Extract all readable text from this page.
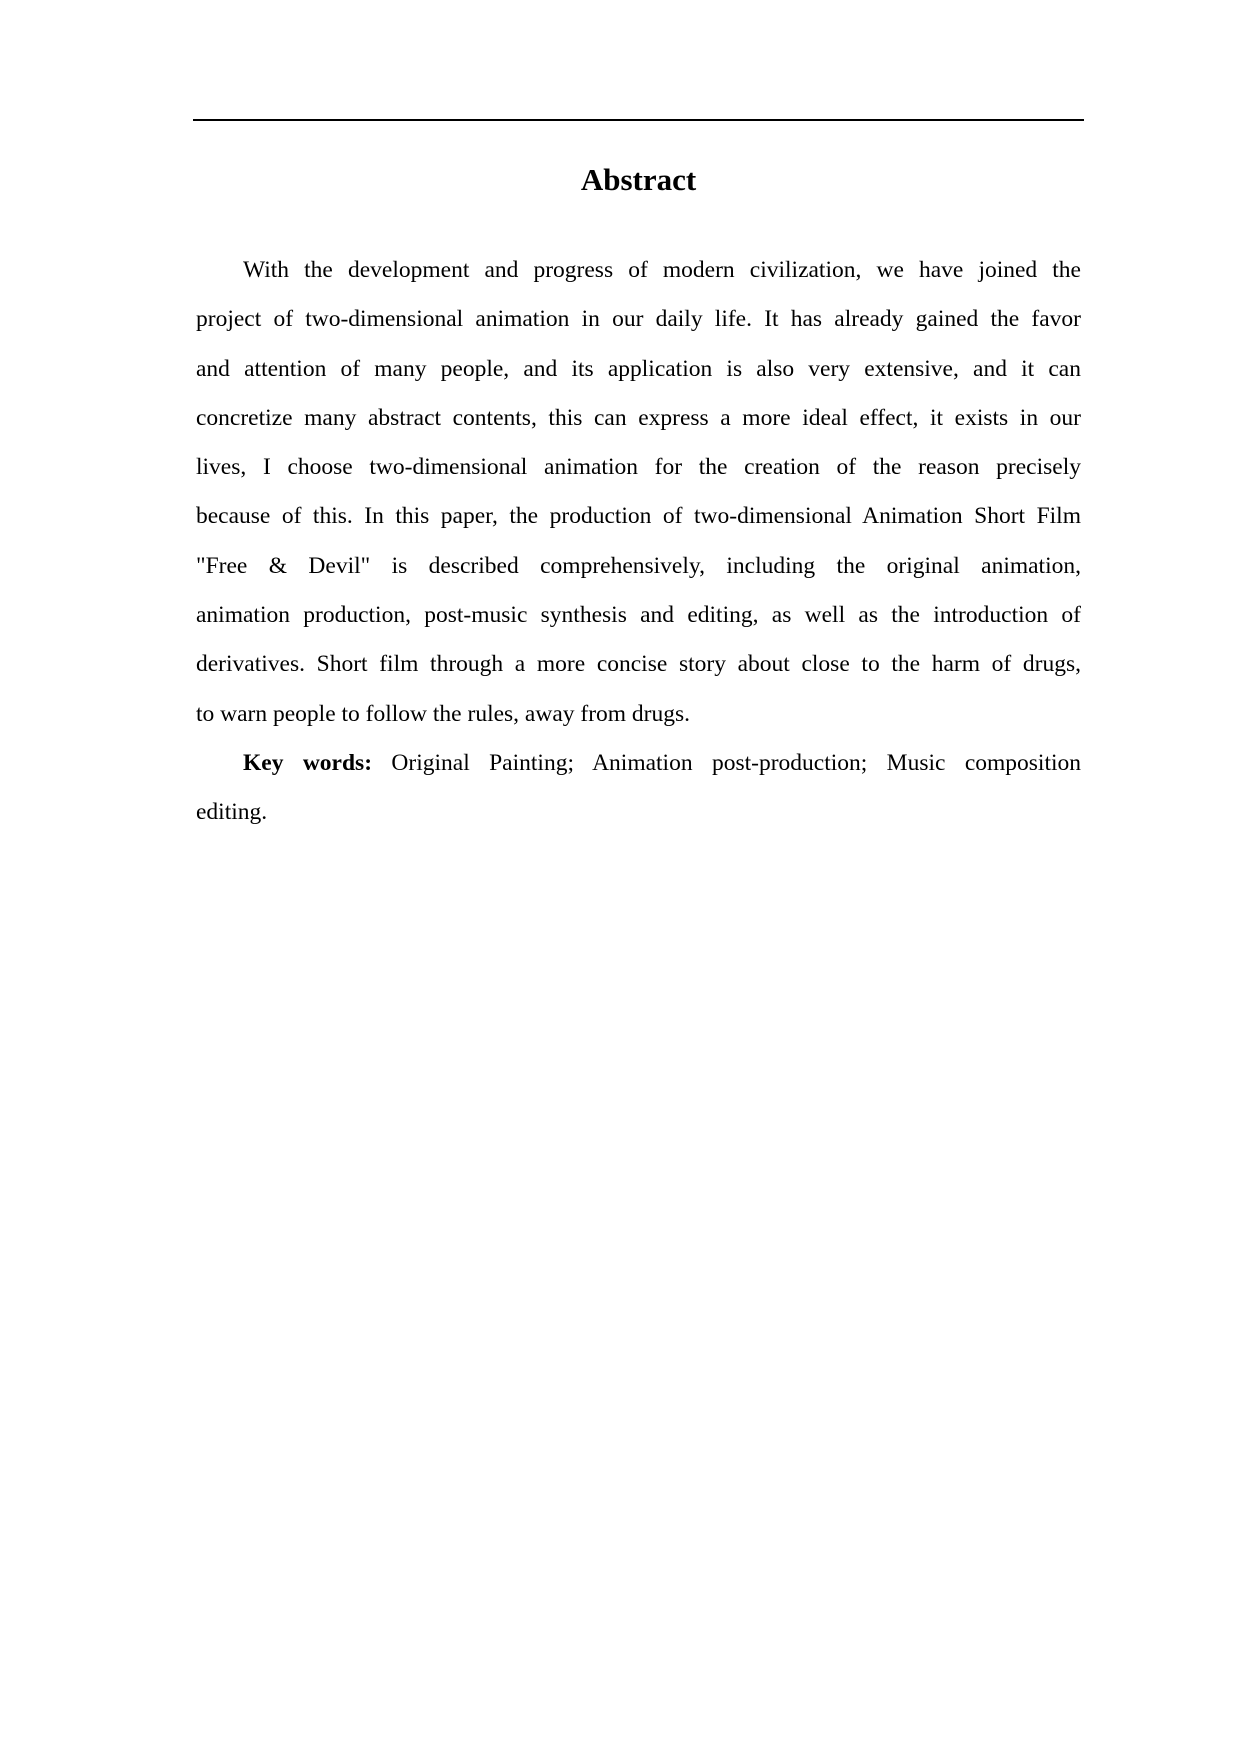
Abstract
With the development and progress of modern civilization, we have joined the
project of two-dimensional animation in our daily life. It has already gained the favor
and attention of many people, and its application is also very extensive, and it can
concretize many abstract contents, this can express a more ideal effect, it exists in our
lives, I choose two-dimensional animation for the creation of the reason precisely
because of this. In this paper, the production of two-dimensional Animation Short Film
"Free & Devil" is described comprehensively, including the original animation,
animation production, post-music synthesis and editing, as well as the introduction of
derivatives. Short film through a more concise story about close to the harm of drugs,
to warn people to follow the rules, away from drugs.
Key words: Original Painting; Animation post-production; Music composition
editing.
